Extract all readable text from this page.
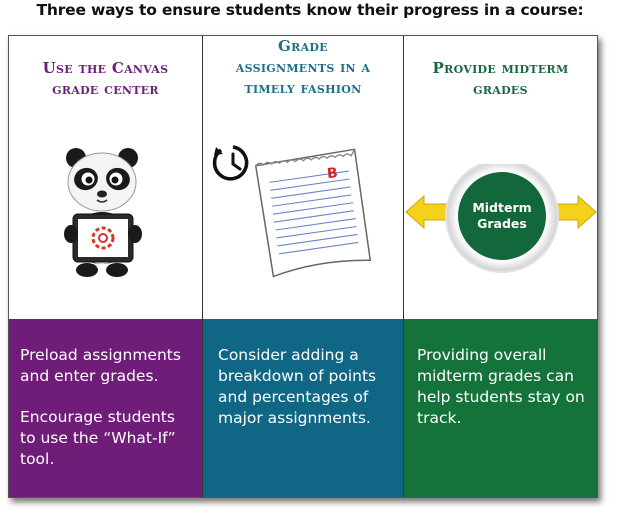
Three ways to ensure students know their progress in a course:
Use the Canvas
grade center

Preload assignments and enter grades.

Encourage students to use the “What-If” tool.

Grade
assignments in a
timely fashion
B

Consider adding a breakdown of points and percentages of major assignments.

Provide midterm
grades
Midterm
Grades

Providing overall midterm grades can help students stay on track.
